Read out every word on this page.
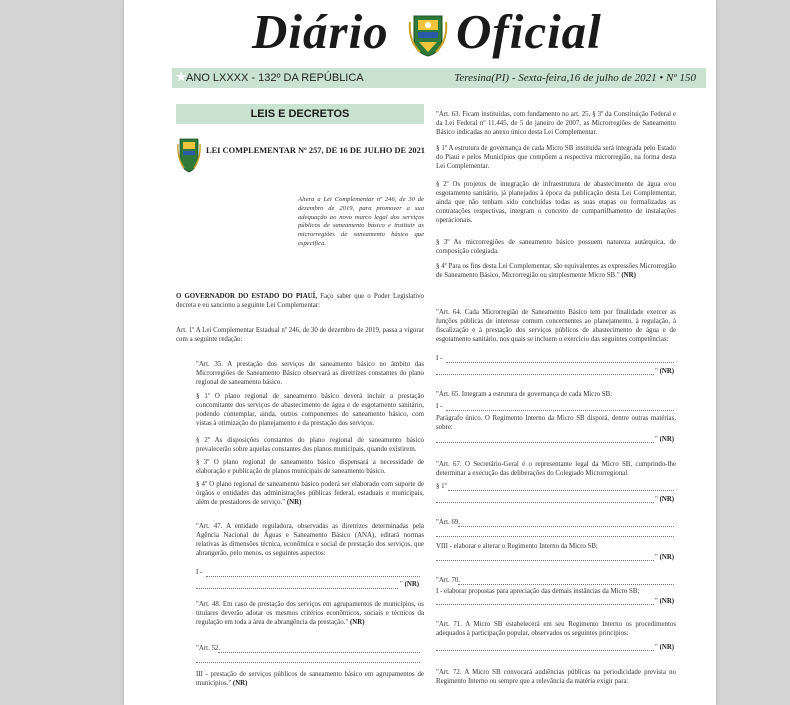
Diário Oficial
★
ANO LXXXX - 132º DA REPÚBLICA	Teresina(PI) - Sexta-feira,16 de julho de 2021 • Nº 150
LEIS E DECRETOS
LEI COMPLEMENTAR Nº 257, DE 16 DE JULHO DE 2021
Altera a Lei Complementar nº 246, de 30 de dezembro de 2019, para promover a sua adequação ao novo marco legal dos serviços públicos de saneamento básico e instituir as microrregiões de saneamento básico que especifica.

O GOVERNADOR DO ESTADO DO PIAUÍ, Faço saber que o Poder Legislativo decreta e eu sanciono a seguinte Lei Complementar:

Art. 1º A Lei Complementar Estadual nº 246, de 30 de dezembro de 2019, passa a vigorar com a seguinte redação:

"Art. 35. A prestação dos serviços de saneamento básico no âmbito das Microrregiões de Saneamento Básico observará as diretrizes constantes do plano regional de saneamento básico.

§ 1º O plano regional de saneamento básico deverá incluir a prestação concomitante dos serviços de abastecimento de água e de esgotamento sanitário, podendo contemplar, ainda, outros componentes do saneamento básico, com vistas à otimização do planejamento e da prestação dos serviços.

§ 2º As disposições constantes do plano regional de saneamento básico prevalecerão sobre aquelas constantes dos planos municipais, quando existirem.

§ 3º O plano regional de saneamento básico dispensará a necessidade de elaboração e publicação de planos municipais de saneamento básico.

§ 4º O plano regional de saneamento básico poderá ser elaborado com suporte de órgãos e entidades das administrações públicas federal, estaduais e municipais, além de prestadores de serviço." (NR)

"Art. 47. A entidade reguladora, observadas as diretrizes determinadas pela Agência Nacional de Águas e Saneamento Básico (ANA), editará normas relativas às dimensões técnica, econômica e social de prestação dos serviços, que abrangerão, pelo menos, os seguintes aspectos:

I -
" (NR)

"Art. 48. Em caso de prestação dos serviços em agrupamentos de municípios, os titulares deverão adotar os mesmos critérios econômicos, sociais e técnicos da regulação em toda a área de abrangência da prestação." (NR)

"Art. 52.

III - prestação de serviços públicos de saneamento básico em agrupamentos de municípios." (NR)

"Art. 63. Ficam instituídas, com fundamento no art. 25, § 3º da Constituição Federal e da Lei Federal nº 11.445, de 5 de janeiro de 2007, as Microrregiões de Saneamento Básico indicadas no anexo único desta Lei Complementar.

§ 1º A estrutura de governança de cada Micro SB instituída será integrada pelo Estado do Piauí e pelos Municípios que compõem a respectiva microrregião, na forma desta Lei Complementar.

§ 2º Os projetos de integração de infraestrutura de abastecimento de água e/ou esgotamento sanitário, já planejados à época da publicação desta Lei Complementar, ainda que não tenham sido concluídas todas as suas etapas ou formalizadas as contratações respectivas, integram o conceito de compartilhamento de instalações operacionais.

§ 3º As microrregiões de saneamento básico possuem natureza autárquica, de composição colegiada.

§ 4º Para os fins desta Lei Complementar, são equivalentes as expressões Microrregião de Saneamento Básico, Microrregião ou simplesmente Micro SB." (NR)

"Art. 64. Cada Microrregião de Saneamento Básico tem por finalidade exercer as funções públicas de interesse comum concernentes ao planejamento, à regulação, à fiscalização e à prestação dos serviços públicos de abastecimento de água e de esgotamento sanitário, nos quais se incluem o exercício das seguintes competências:

I -
" (NR)

"Art. 65. Integram a estrutura de governança de cada Micro SB:

I -

Parágrafo único. O Regimento Interno da Micro SB disporá, dentre outras matérias, sobre:

" (NR)

"Art. 67. O Secretário-Geral é o representante legal da Micro SB, cumprindo-lhe determinar a execução das deliberações do Colegiado Microrregional.

§ 1º
" (NR)
"Art. 69.

VIII - elaborar e alterar o Regimento Interno da Micro SB;

" (NR)
"Art. 70.

I - elaborar propostas para apreciação das demais instâncias da Micro SB;

" (NR)

"Art. 71. A Micro SB estabelecerá em seu Regimento Interno os procedimentos adequados à participação popular, observados os seguintes princípios:

" (NR)

"Art. 72. A Micro SB convocará audiências públicas na periodicidade prevista no Regimento Interno ou sempre que a relevância da matéria exigir para:
